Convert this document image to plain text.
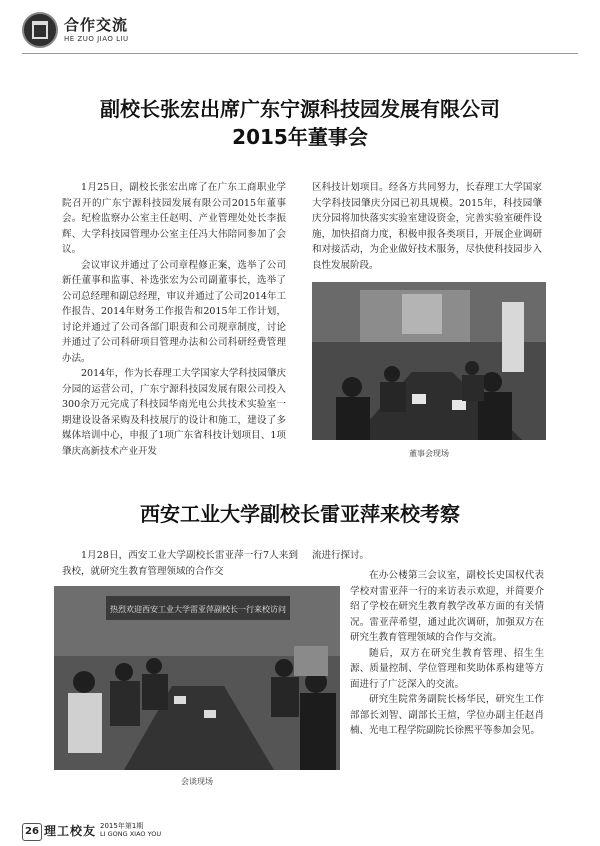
合作交流
HE ZUO JIAO LIU
副校长张宏出席广东宁源科技园发展有限公司
2015年董事会

1月25日，副校长张宏出席了在广东工商职业学院召开的广东宁源科技园发展有限公司2015年董事会。纪检监察办公室主任赵明、产业管理处处长李振辉、大学科技园管理办公室主任冯大伟陪同参加了会议。

会议审议并通过了公司章程修正案，选举了公司新任董事和监事、补选张宏为公司副董事长，选举了公司总经理和副总经理，审议并通过了公司2014年工作报告、2014年财务工作报告和2015年工作计划，讨论并通过了公司各部门职责和公司规章制度，讨论并通过了公司科研项目管理办法和公司科研经费管理办法。

2014年，作为长春理工大学国家大学科技园肇庆分园的运营公司，广东宁源科技园发展有限公司投入300余万元完成了科技园华南光电公共技术实验室一期建设设备采购及科技展厅的设计和施工，建设了多媒体培训中心，申报了1项广东省科技计划项目、1项肇庆高新技术产业开发

区科技计划项目。经各方共同努力，长春理工大学国家大学科技园肇庆分园已初具规模。2015年，科技园肇庆分园将加快落实实验室建设资金，完善实验室硬件设施，加快招商力度，积极申报各类项目，开展企业调研和对接活动，为企业做好技术服务，尽快使科技园步入良性发展阶段。

董事会现场
西安工业大学副校长雷亚萍来校考察

1月28日，西安工业大学副校长雷亚萍一行7人来到我校，就研究生教育管理领域的合作交

热烈欢迎西安工业大学雷亚萍副校长一行来校访问
会谈现场

流进行探讨。

在办公楼第三会议室，副校长史国权代表学校对雷亚萍一行的来访表示欢迎，并简要介绍了学校在研究生教育教学改革方面的有关情况。雷亚萍希望，通过此次调研，加强双方在研究生教育管理领域的合作与交流。

随后，双方在研究生教育管理、招生生源、质量控制、学位管理和奖助体系构建等方面进行了广泛深入的交流。

研究生院常务副院长杨华民，研究生工作部部长刘智、副部长王煊，学位办副主任赵肖楠、光电工程学院副院长徐熙平等参加会见。

26 理工校友 2015年第1期
LI GONG XIAO YOU
